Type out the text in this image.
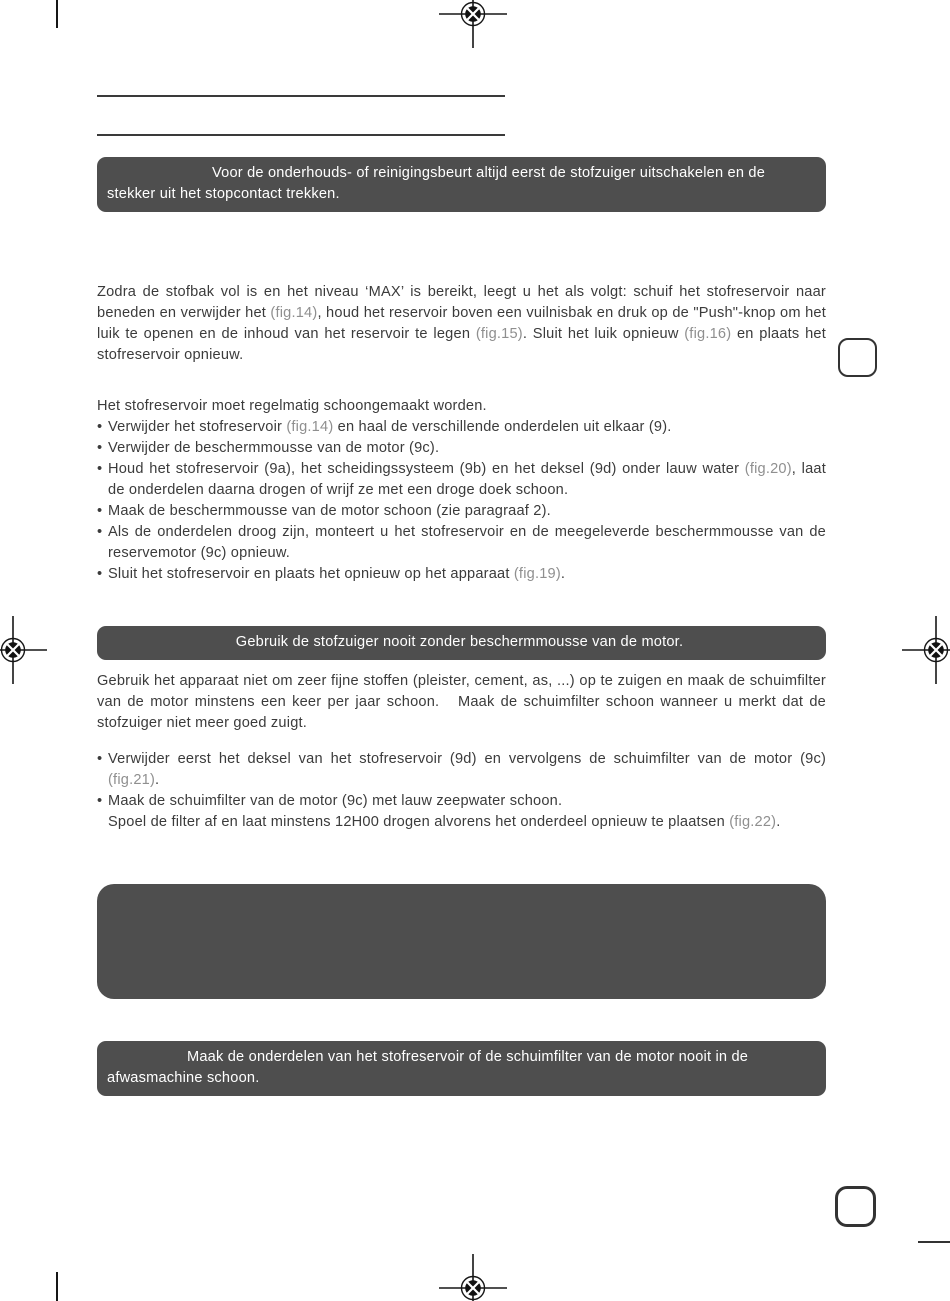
Voor de onderhouds- of reinigingsbeurt altijd eerst de stofzuiger uitschakelen en de stekker uit het stopcontact trekken.
Zodra de stofbak vol is en het niveau ‘MAX’ is bereikt, leegt u het als volgt: schuif het stofreservoir naar beneden en verwijder het (fig.14), houd het reservoir boven een vuilnisbak en druk op de "Push"-knop om het luik te openen en de inhoud van het reservoir te legen (fig.15). Sluit het luik opnieuw (fig.16) en plaats het stofreservoir opnieuw.
Het stofreservoir moet regelmatig schoongemaakt worden.
• Verwijder het stofreservoir (fig.14) en haal de verschillende onderdelen uit elkaar (9).
• Verwijder de beschermmousse van de motor (9c).
• Houd het stofreservoir (9a), het scheidingssysteem (9b) en het deksel (9d) onder lauw water (fig.20), laat de onderdelen daarna drogen of wrijf ze met een droge doek schoon.
• Maak de beschermmousse van de motor schoon (zie paragraaf 2).
• Als de onderdelen droog zijn, monteert u het stofreservoir en de meegeleverde beschermmousse van de reservemotor (9c) opnieuw.
• Sluit het stofreservoir en plaats het opnieuw op het apparaat (fig.19).
Gebruik de stofzuiger nooit zonder beschermmousse van de motor.
Gebruik het apparaat niet om zeer fijne stoffen (pleister, cement, as, ...) op te zuigen en maak de schuimfilter van de motor minstens een keer per jaar schoon.   Maak de schuimfilter schoon wanneer u merkt dat de stofzuiger niet meer goed zuigt.
• Verwijder eerst het deksel van het stofreservoir (9d) en vervolgens de schuimfilter van de motor (9c) (fig.21).
• Maak de schuimfilter van de motor (9c) met lauw zeepwater schoon.
Spoel de filter af en laat minstens 12H00 drogen alvorens het onderdeel opnieuw te plaatsen (fig.22).
Maak de onderdelen van het stofreservoir of de schuimfilter van de motor nooit in de afwasmachine schoon.
